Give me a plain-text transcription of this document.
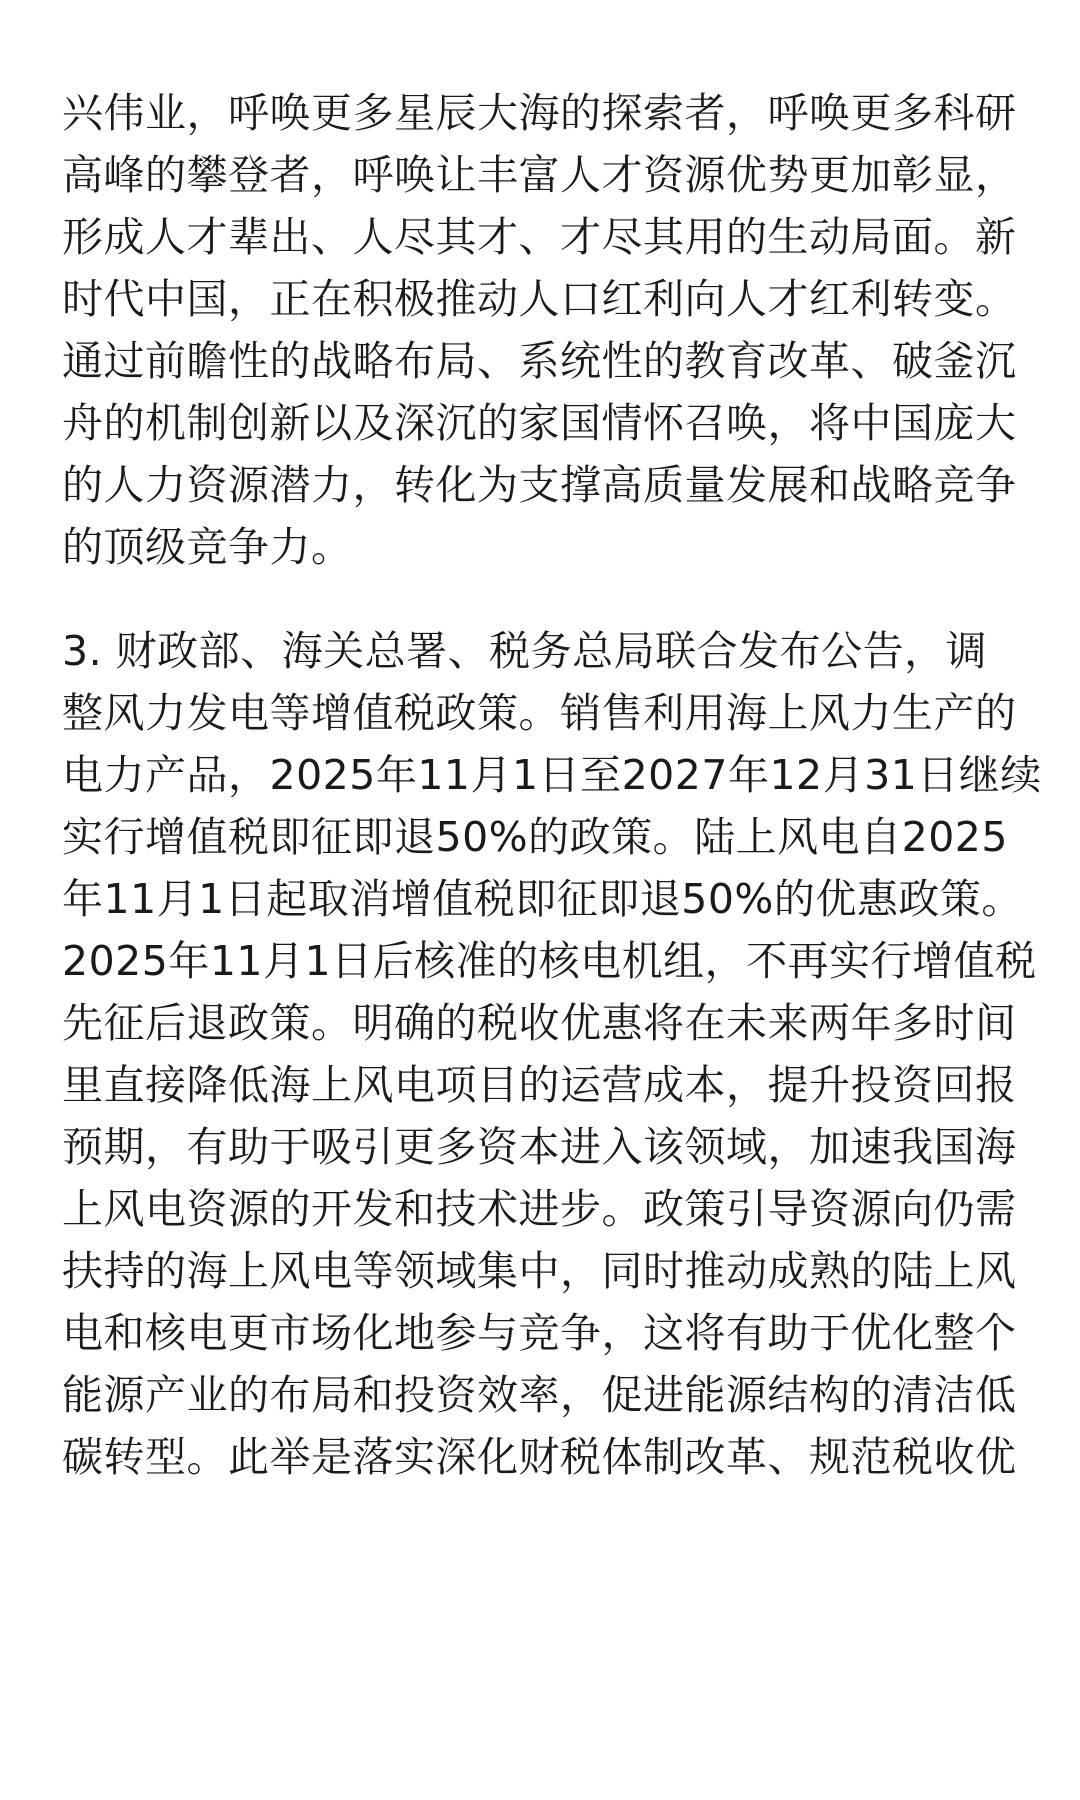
兴伟业，呼唤更多星辰大海的探索者，呼唤更多科研
高峰的攀登者，呼唤让丰富人才资源优势更加彰显，
形成人才辈出、人尽其才、才尽其用的生动局面。新
时代中国，正在积极推动人口红利向人才红利转变。
通过前瞻性的战略布局、系统性的教育改革、破釜沉
舟的机制创新以及深沉的家国情怀召唤，将中国庞大
的人力资源潜力，转化为支撑高质量发展和战略竞争
的顶级竞争力。

3. 财政部、海关总署、税务总局联合发布公告，调
整风力发电等增值税政策。销售利用海上风力生产的
电力产品，2025年11月1日至2027年12月31日继续
实行增值税即征即退50%的政策。陆上风电自2025
年11月1日起取消增值税即征即退50%的优惠政策。
2025年11月1日后核准的核电机组，不再实行增值税
先征后退政策。明确的税收优惠将在未来两年多时间
里直接降低海上风电项目的运营成本，提升投资回报
预期，有助于吸引更多资本进入该领域，加速我国海
上风电资源的开发和技术进步。政策引导资源向仍需
扶持的海上风电等领域集中，同时推动成熟的陆上风
电和核电更市场化地参与竞争，这将有助于优化整个
能源产业的布局和投资效率，促进能源结构的清洁低
碳转型。此举是落实深化财税体制改革、规范税收优
